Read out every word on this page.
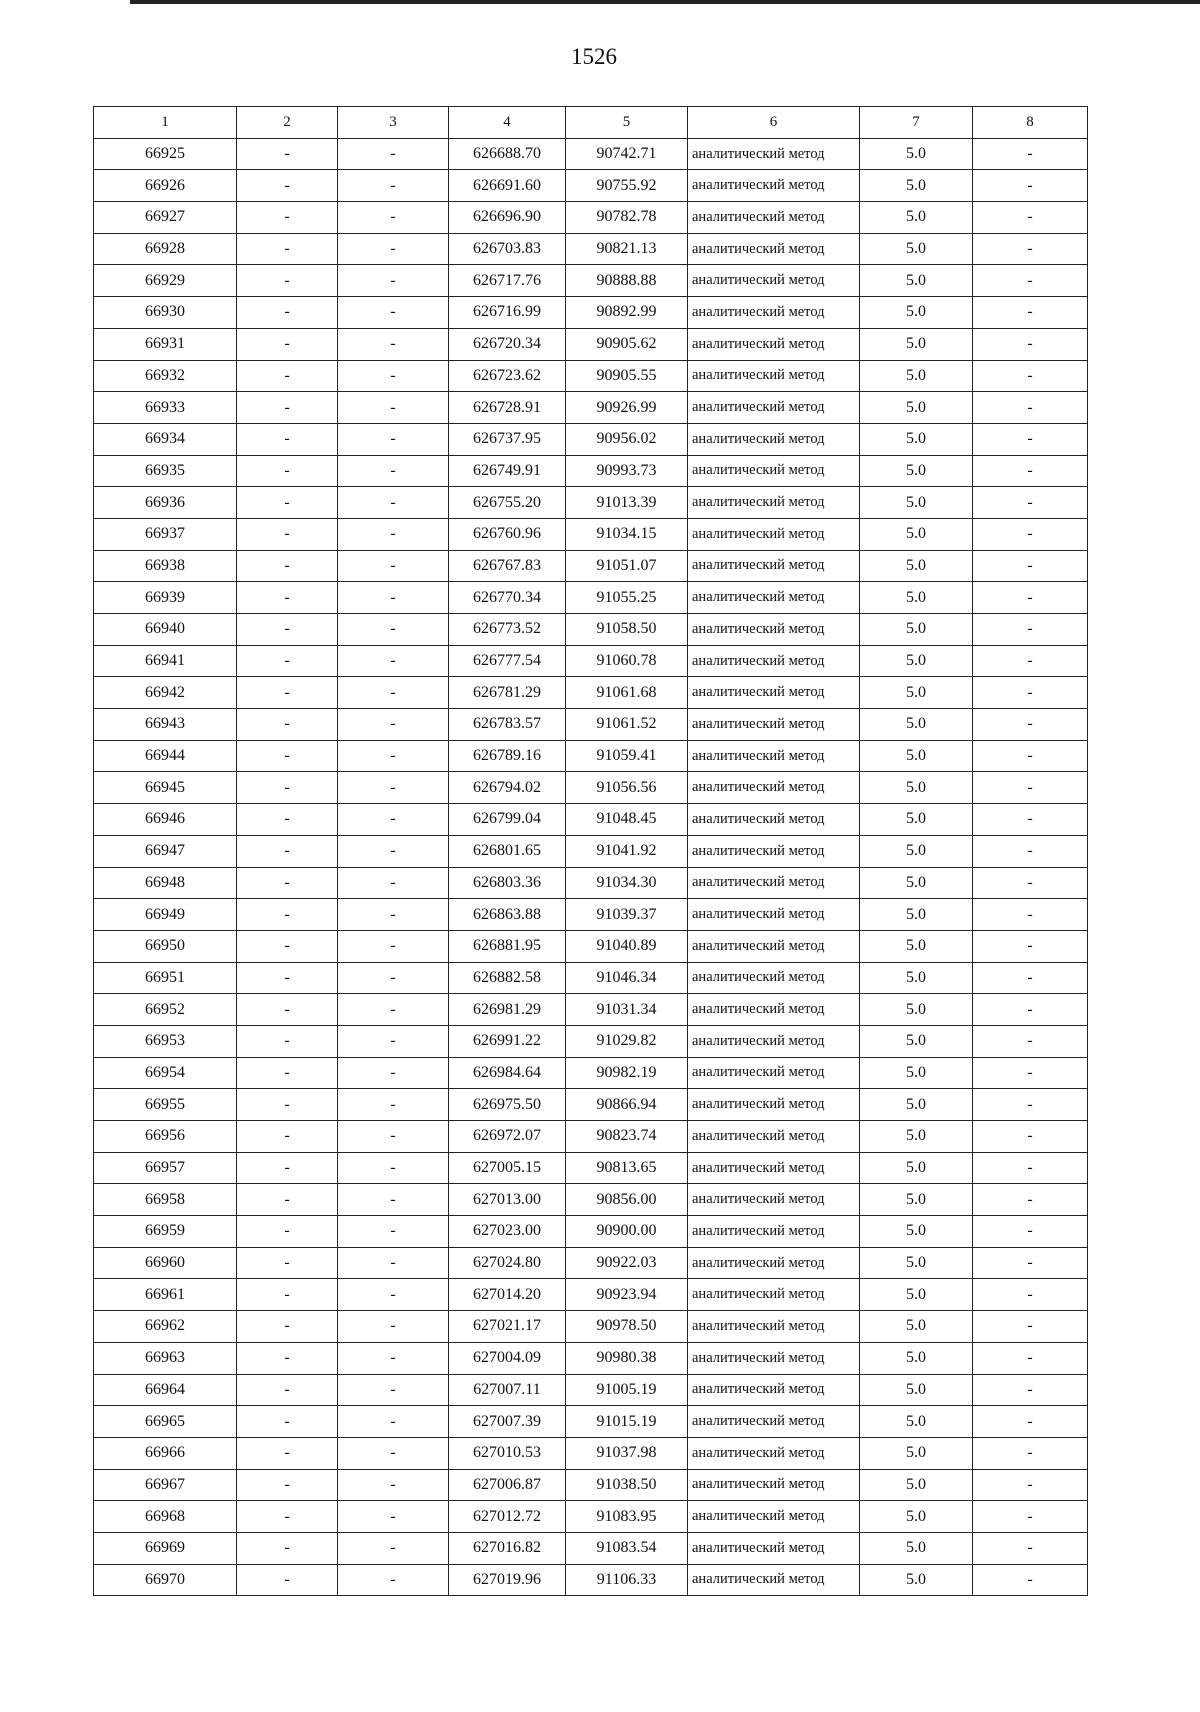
1526
1	2	3	4	5	6	7	8
66925	-	-	626688.70	90742.71	аналитический метод	5.0	-
66926	-	-	626691.60	90755.92	аналитический метод	5.0	-
66927	-	-	626696.90	90782.78	аналитический метод	5.0	-
66928	-	-	626703.83	90821.13	аналитический метод	5.0	-
66929	-	-	626717.76	90888.88	аналитический метод	5.0	-
66930	-	-	626716.99	90892.99	аналитический метод	5.0	-
66931	-	-	626720.34	90905.62	аналитический метод	5.0	-
66932	-	-	626723.62	90905.55	аналитический метод	5.0	-
66933	-	-	626728.91	90926.99	аналитический метод	5.0	-
66934	-	-	626737.95	90956.02	аналитический метод	5.0	-
66935	-	-	626749.91	90993.73	аналитический метод	5.0	-
66936	-	-	626755.20	91013.39	аналитический метод	5.0	-
66937	-	-	626760.96	91034.15	аналитический метод	5.0	-
66938	-	-	626767.83	91051.07	аналитический метод	5.0	-
66939	-	-	626770.34	91055.25	аналитический метод	5.0	-
66940	-	-	626773.52	91058.50	аналитический метод	5.0	-
66941	-	-	626777.54	91060.78	аналитический метод	5.0	-
66942	-	-	626781.29	91061.68	аналитический метод	5.0	-
66943	-	-	626783.57	91061.52	аналитический метод	5.0	-
66944	-	-	626789.16	91059.41	аналитический метод	5.0	-
66945	-	-	626794.02	91056.56	аналитический метод	5.0	-
66946	-	-	626799.04	91048.45	аналитический метод	5.0	-
66947	-	-	626801.65	91041.92	аналитический метод	5.0	-
66948	-	-	626803.36	91034.30	аналитический метод	5.0	-
66949	-	-	626863.88	91039.37	аналитический метод	5.0	-
66950	-	-	626881.95	91040.89	аналитический метод	5.0	-
66951	-	-	626882.58	91046.34	аналитический метод	5.0	-
66952	-	-	626981.29	91031.34	аналитический метод	5.0	-
66953	-	-	626991.22	91029.82	аналитический метод	5.0	-
66954	-	-	626984.64	90982.19	аналитический метод	5.0	-
66955	-	-	626975.50	90866.94	аналитический метод	5.0	-
66956	-	-	626972.07	90823.74	аналитический метод	5.0	-
66957	-	-	627005.15	90813.65	аналитический метод	5.0	-
66958	-	-	627013.00	90856.00	аналитический метод	5.0	-
66959	-	-	627023.00	90900.00	аналитический метод	5.0	-
66960	-	-	627024.80	90922.03	аналитический метод	5.0	-
66961	-	-	627014.20	90923.94	аналитический метод	5.0	-
66962	-	-	627021.17	90978.50	аналитический метод	5.0	-
66963	-	-	627004.09	90980.38	аналитический метод	5.0	-
66964	-	-	627007.11	91005.19	аналитический метод	5.0	-
66965	-	-	627007.39	91015.19	аналитический метод	5.0	-
66966	-	-	627010.53	91037.98	аналитический метод	5.0	-
66967	-	-	627006.87	91038.50	аналитический метод	5.0	-
66968	-	-	627012.72	91083.95	аналитический метод	5.0	-
66969	-	-	627016.82	91083.54	аналитический метод	5.0	-
66970	-	-	627019.96	91106.33	аналитический метод	5.0	-
